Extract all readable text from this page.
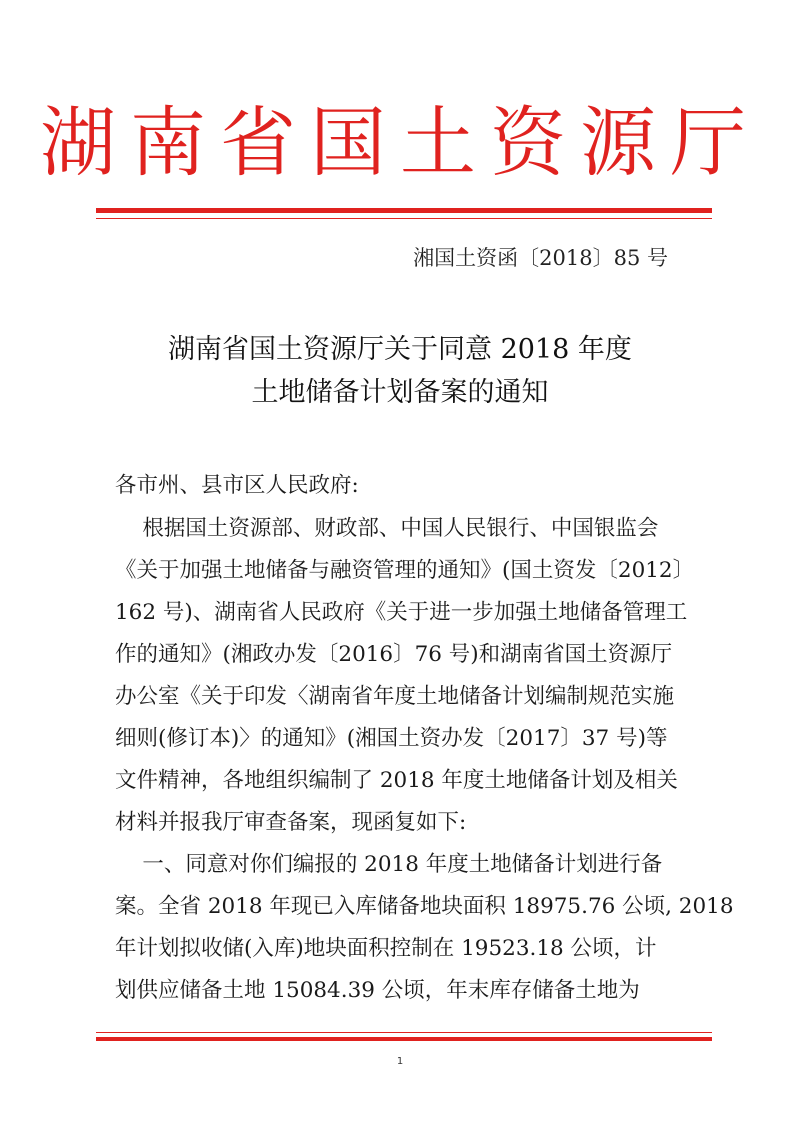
湖南省国土资源厅
湘国土资函〔2018〕85 号
湖南省国土资源厅关于同意 2018 年度
土地储备计划备案的通知
各市州、县市区人民政府:
根据国土资源部、财政部、中国人民银行、中国银监会
《关于加强土地储备与融资管理的通知》(国土资发〔2012〕
162 号)、湖南省人民政府《关于进一步加强土地储备管理工
作的通知》(湘政办发〔2016〕76 号)和湖南省国土资源厅
办公室《关于印发〈湖南省年度土地储备计划编制规范实施
细则(修订本)〉的通知》(湘国土资办发〔2017〕37 号)等
文件精神，各地组织编制了 2018 年度土地储备计划及相关
材料并报我厅审查备案，现函复如下:
一、同意对你们编报的 2018 年度土地储备计划进行备
案。全省 2018 年现已入库储备地块面积 18975.76 公顷, 2018
年计划拟收储(入库)地块面积控制在 19523.18 公顷，计
划供应储备土地 15084.39 公顷，年末库存储备土地为
1
